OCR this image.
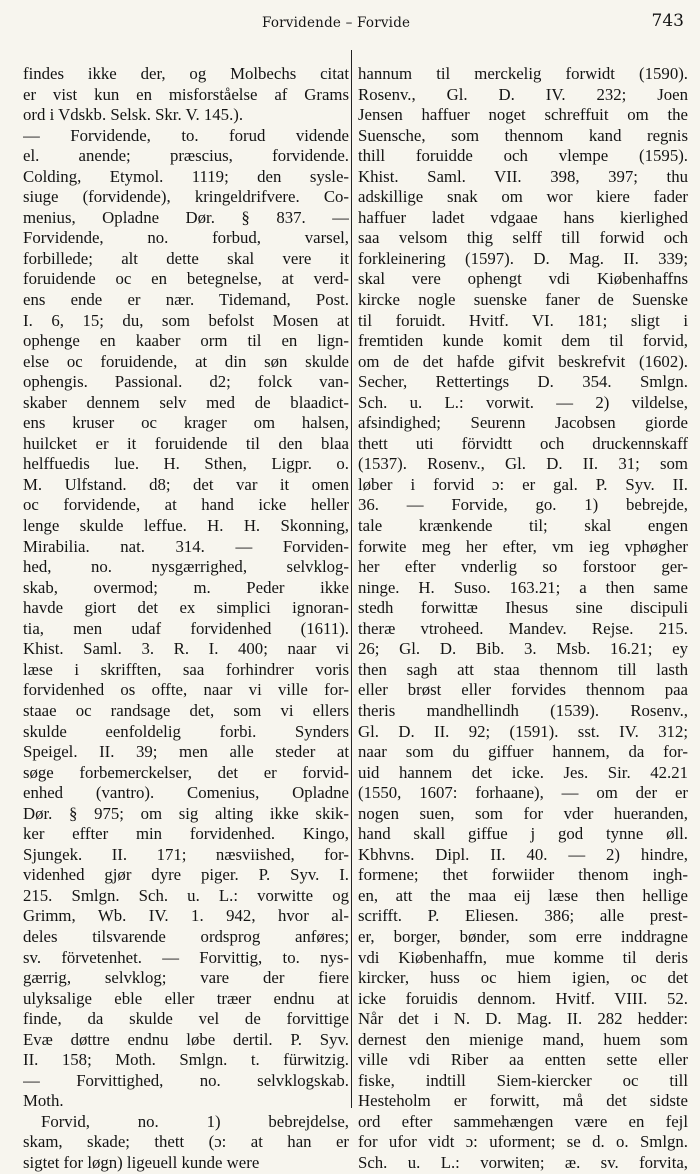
Forvidende – Forvide	743
findes ikke der, og Molbechs citat
er vist kun en misforståelse af Grams
ord i Vdskb. Selsk. Skr. V. 145.).
— Forvidende, to. forud vidende
el. anende; præscius, forvidende.
Colding, Etymol. 1119; den sysle-
siuge (forvidende), kringeldrifvere. Co-
menius, Opladne Dør. § 837. —
Forvidende, no. forbud, varsel,
forbillede; alt dette skal vere it
foruidende oc en betegnelse, at verd-
ens ende er nær. Tidemand, Post.
I. 6, 15; du, som befolst Mosen at
ophenge en kaaber orm til en lign-
else oc foruidende, at din søn skulde
ophengis. Passional. d2; folck van-
skaber dennem selv med de blaadict-
ens kruser oc krager om halsen,
huilcket er it foruidende til den blaa
helffuedis lue. H. Sthen, Ligpr. o.
M. Ulfstand. d8; det var it omen
oc forvidende, at hand icke heller
lenge skulde leffue. H. H. Skonning,
Mirabilia. nat. 314. — Forviden-
hed, no. nysgærrighed, selvklog-
skab, overmod; m. Peder ikke
havde giort det ex simplici ignoran-
tia, men udaf forvidenhed (1611).
Khist. Saml. 3. R. I. 400; naar vi
læse i skrifften, saa forhindrer voris
forvidenhed os offte, naar vi ville for-
staae oc randsage det, som vi ellers
skulde eenfoldelig forbi. Synders
Speigel. II. 39; men alle steder at
søge forbemerckelser, det er forvid-
enhed (vantro). Comenius, Opladne
Dør. § 975; om sig alting ikke skik-
ker effter min forvidenhed. Kingo,
Sjungek. II. 171; næsviished, for-
videnhed gjør dyre piger. P. Syv. I.
215. Smlgn. Sch. u. L.: vorwitte og
Grimm, Wb. IV. 1. 942, hvor al-
deles tilsvarende ordsprog anføres;
sv. förvetenhet. — Forvittig, to. nys-
gærrig, selvklog; vare der fiere
ulyksalige eble eller træer endnu at
finde, da skulde vel de forvittige
Evæ døttre endnu løbe dertil. P. Syv.
II. 158; Moth. Smlgn. t. fürwitzig.
— Forvittighed, no. selvklogskab.
Moth.
Forvid, no. 1) bebrejdelse,
skam, skade; thett (ɔ: at han er
sigtet for løgn) ligeuell kunde were
hannum til merckelig forwidt (1590).
Rosenv., Gl. D. IV. 232; Joen
Jensen haffuer noget schreffuit om the
Suensche, som thennom kand regnis
thill foruidde och vlempe (1595).
Khist. Saml. VII. 398, 397; thu
adskillige snak om wor kiere fader
haffuer ladet vdgaae hans kierlighed
saa velsom thig selff till forwid och
forkleinering (1597). D. Mag. II. 339;
skal vere ophengt vdi Kiøbenhaffns
kircke nogle suenske faner de Suenske
til foruidt. Hvitf. VI. 181; sligt i
fremtiden kunde komit dem til forvid,
om de det hafde gifvit beskrefvit (1602).
Secher, Rettertings D. 354. Smlgn.
Sch. u. L.: vorwit. — 2) vildelse,
afsindighed; Seurenn Jacobsen giorde
thett uti förvidtt och druckennskaff
(1537). Rosenv., Gl. D. II. 31; som
løber i forvid ɔ: er gal. P. Syv. II.
36. — Forvide, go. 1) bebrejde,
tale krænkende til; skal engen
forwite meg her efter, vm ieg vphøgher
her efter vnderlig so forstoor ger-
ninge. H. Suso. 163.21; a then same
stedh forwittæ Ihesus sine discipuli
theræ vtroheed. Mandev. Rejse. 215.
26; Gl. D. Bib. 3. Msb. 16.21; ey
then sagh att staa thennom till lasth
eller brøst eller forvides thennom paa
theris mandhellindh (1539). Rosenv.,
Gl. D. II. 92; (1591). sst. IV. 312;
naar som du giffuer hannem, da for-
uid hannem det icke. Jes. Sir. 42.21
(1550, 1607: forhaane), — om der er
nogen suen, som for vder hueranden,
hand skall giffue j god tynne øll.
Kbhvns. Dipl. II. 40. — 2) hindre,
formene; thet forwiider thenom ingh-
en, att the maa eij læse then hellige
scrifft. P. Eliesen. 386; alle prest-
er, borger, bønder, som erre inddragne
vdi Kiøbenhaffn, mue komme til deris
kircker, huss oc hiem igien, oc det
icke foruidis dennom. Hvitf. VIII. 52.
Når det i N. D. Mag. II. 282 hedder:
dernest den mienige mand, huem som
ville vdi Riber aa entten sette eller
fiske, indtill Siem-kiercker oc till
Hesteholm er forwitt, må det sidste
ord efter sammehængen være en fejl
for ufor vidt ɔ: uforment; se d. o. Smlgn.
Sch. u. L.: vorwiten; æ. sv. forvita,
